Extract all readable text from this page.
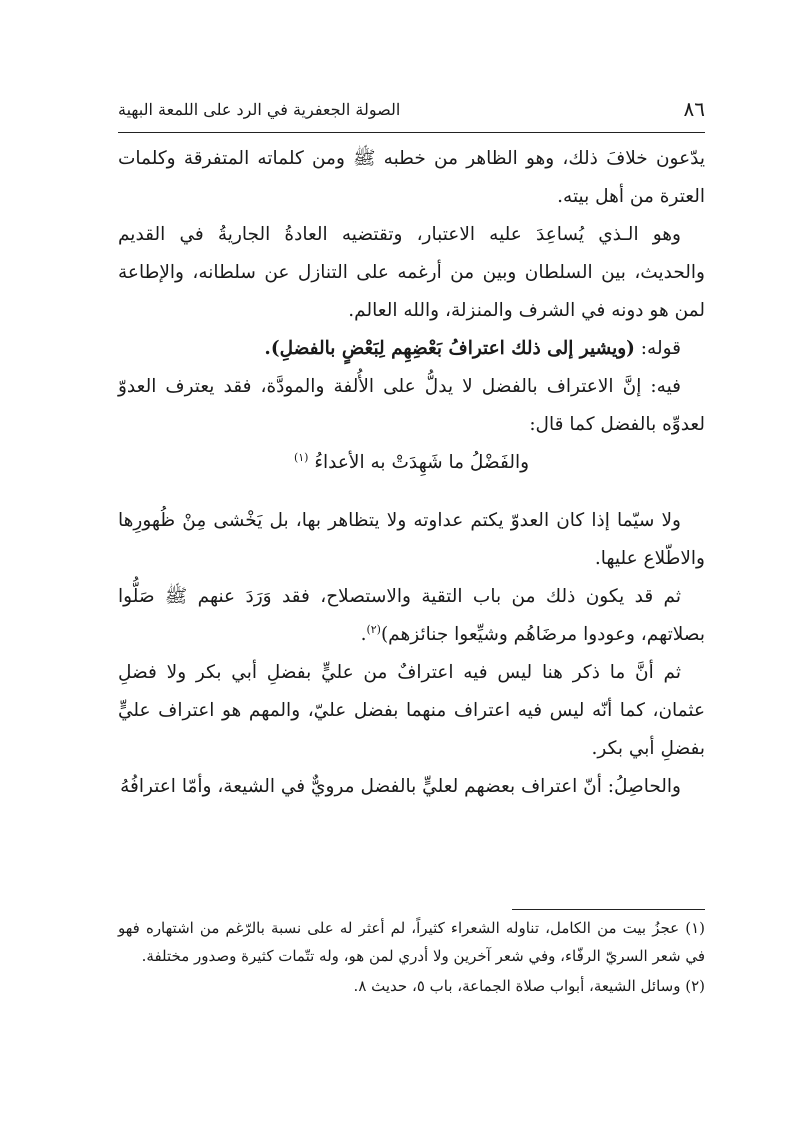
٨٦
الصولة الجعفرية في الرد على اللمعة البهية

يدّعون خلافَ ذلك، وهو الظاهر من خطبه ﷺ ومن كلماته المتفرقة وكلمات العترة من أهل بيته.

وهو الـذي يُساعِدَ عليه الاعتبار، وتقتضيه العادةُ الجاريةُ في القديم والحديث، بين السلطان وبين من أرغمه على التنازل عن سلطانه، والإطاعة لمن هو دونه في الشرف والمنزلة، والله العالم.

قوله: (ويشير إلى ذلك اعترافُ بَعْضِهِم لِبَعْضٍ بالفضلِ).

فيه: إنَّ الاعتراف بالفضل لا يدلُّ على الأُلفة والمودَّة، فقد يعترف العدوّ لعدوِّه بالفضل كما قال:

والفَضْلُ ما شَهِدَتْ به الأعداءُ $^{(١)}$

ولا سيّما إذا كان العدوّ يكتم عداوته ولا يتظاهر بها، بل يَخْشى مِنْ ظُهورِها والاطّلاع عليها.

ثم قد يكون ذلك من باب التقية والاستصلاح، فقد وَرَدَ عنهم ﷺ صَلُّوا بصلاتهم، وعودوا مرضَاهُم وشيِّعوا جنائزهم)$^{(٢)}$.

ثم أنَّ ما ذكر هنا ليس فيه اعترافٌ من عليٍّ بفضلِ أبي بكر ولا فضلِ عثمان، كما أنّه ليس فيه اعتراف منهما بفضل عليّ، والمهم هو اعتراف عليٍّ بفضلِ أبي بكر.

والحاصِلُ: أنّ اعتراف بعضهم لعليٍّ بالفضل مرويٌّ في الشيعة، وأمّا اعترافُهُ

(١) عجزُ بيت من الكامل، تناوله الشعراء كثيراً، لم أعثر له على نسبة بالرّغم من اشتهاره فهو في شعر السريّ الرفّاء، وفي شعر آخرين ولا أدري لمن هو، وله تتّمات كثيرة وصدور مختلفة.

(٢) وسائل الشيعة، أبواب صلاة الجماعة، باب ٥، حديث ٨.
